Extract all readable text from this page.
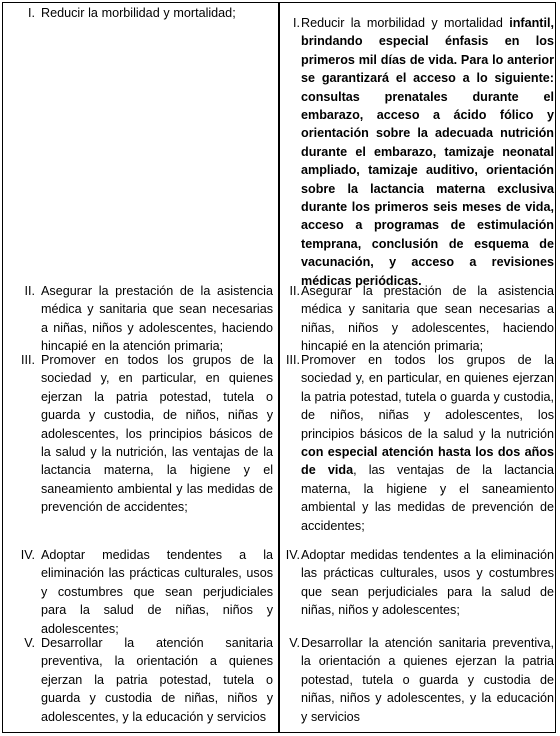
I. Reducir la morbilidad y mortalidad;
II. Asegurar la prestación de la asistencia médica y sanitaria que sean necesarias a niñas, niños y adolescentes, haciendo hincapié en la atención primaria;
III. Promover en todos los grupos de la sociedad y, en particular, en quienes ejerzan la patria potestad, tutela o guarda y custodia, de niños, niñas y adolescentes, los principios básicos de la salud y la nutrición, las ventajas de la lactancia materna, la higiene y el saneamiento ambiental y las medidas de prevención de accidentes;
IV. Adoptar medidas tendentes a la eliminación las prácticas culturales, usos y costumbres que sean perjudiciales para la salud de niñas, niños y adolescentes;
V. Desarrollar la atención sanitaria preventiva, la orientación a quienes ejerzan la patria potestad, tutela o guarda y custodia de niñas, niños y adolescentes, y la educación y servicios
I. Reducir la morbilidad y mortalidad infantil, brindando especial énfasis en los primeros mil días de vida. Para lo anterior se garantizará el acceso a lo siguiente: consultas prenatales durante el embarazo, acceso a ácido fólico y orientación sobre la adecuada nutrición durante el embarazo, tamizaje neonatal ampliado, tamizaje auditivo, orientación sobre la lactancia materna exclusiva durante los primeros seis meses de vida, acceso a programas de estimulación temprana, conclusión de esquema de vacunación, y acceso a revisiones médicas periódicas.
II. Asegurar la prestación de la asistencia médica y sanitaria que sean necesarias a niñas, niños y adolescentes, haciendo hincapié en la atención primaria;
III. Promover en todos los grupos de la sociedad y, en particular, en quienes ejerzan la patria potestad, tutela o guarda y custodia, de niños, niñas y adolescentes, los principios básicos de la salud y la nutrición con especial atención hasta los dos años de vida, las ventajas de la lactancia materna, la higiene y el saneamiento ambiental y las medidas de prevención de accidentes;
IV. Adoptar medidas tendentes a la eliminación las prácticas culturales, usos y costumbres que sean perjudiciales para la salud de niñas, niños y adolescentes;
V. Desarrollar la atención sanitaria preventiva, la orientación a quienes ejerzan la patria potestad, tutela o guarda y custodia de niñas, niños y adolescentes, y la educación y servicios
